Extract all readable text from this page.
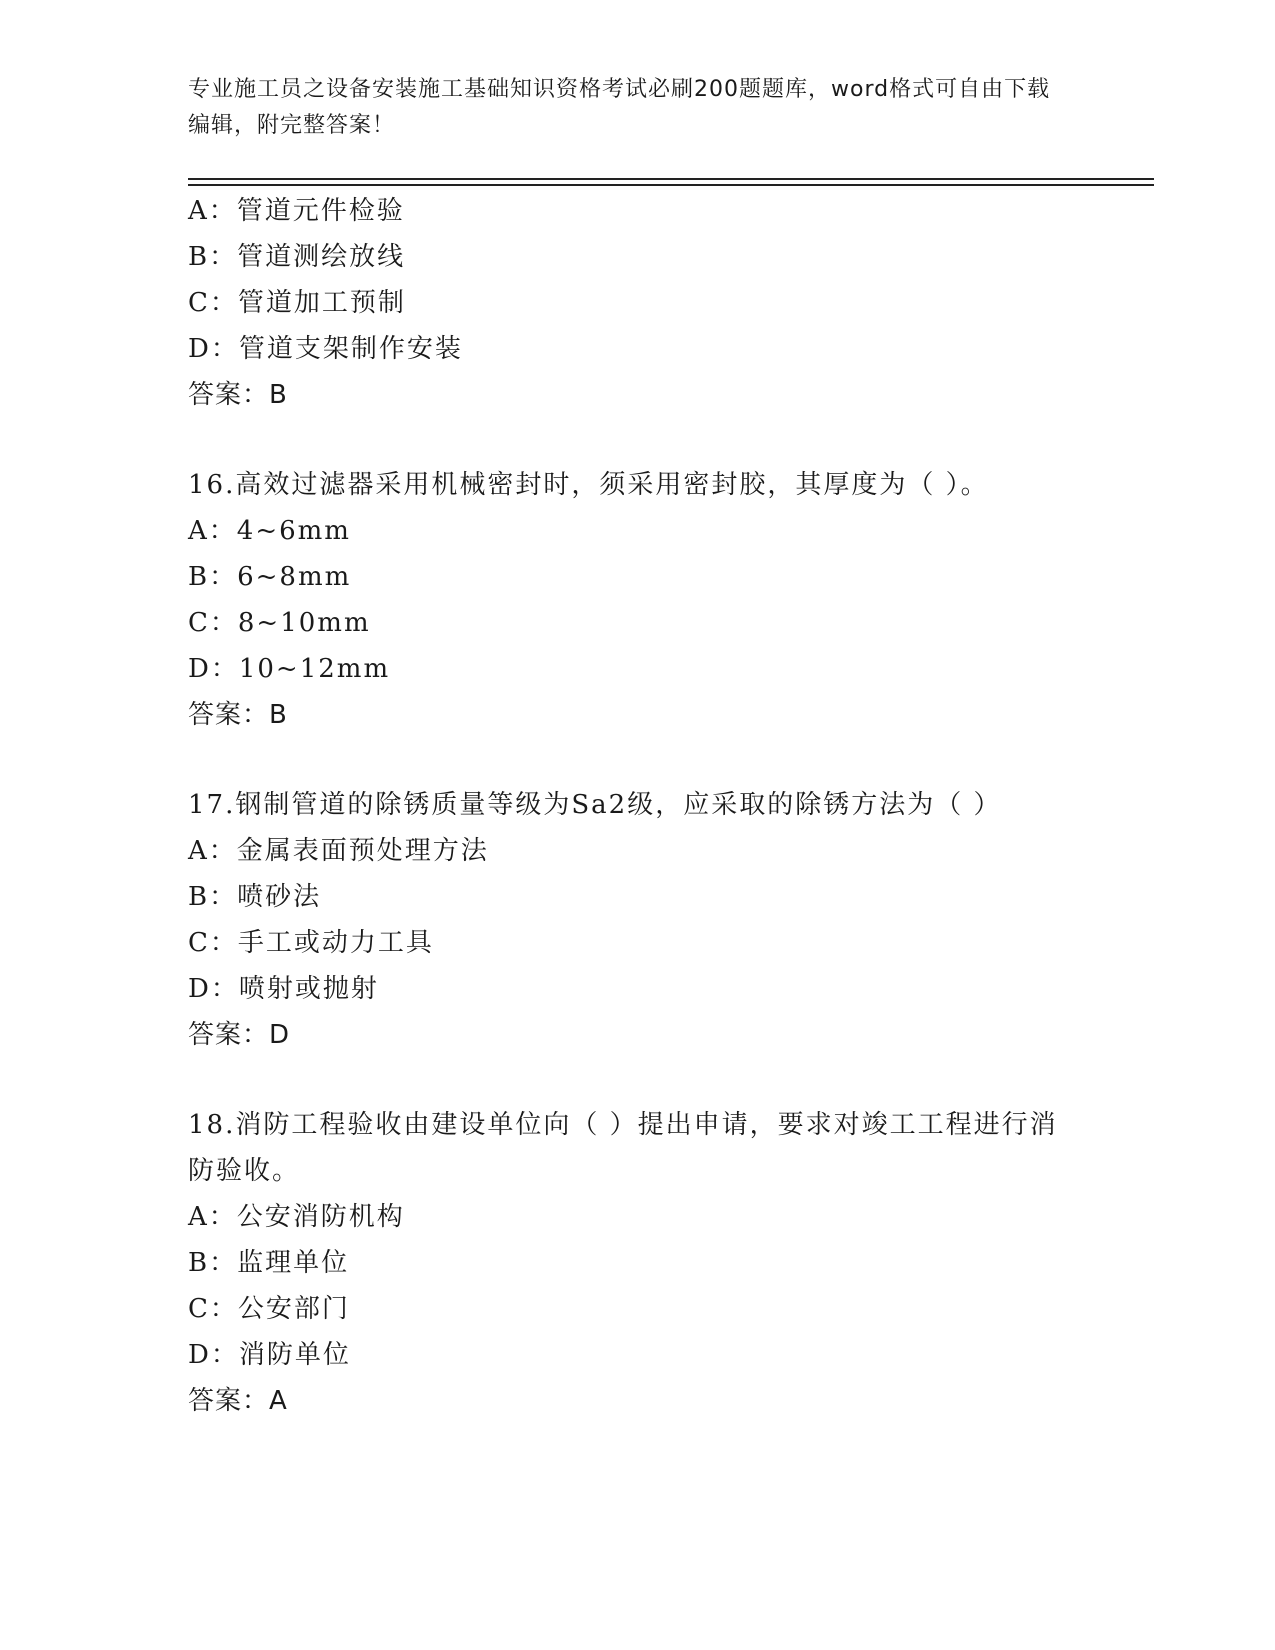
专业施工员之设备安装施工基础知识资格考试必刷200题题库，word格式可自由下载编辑，附完整答案！
A：管道元件检验
B：管道测绘放线
C：管道加工预制
D：管道支架制作安装
答案：B
16.高效过滤器采用机械密封时，须采用密封胶，其厚度为（ ）。
A：4~6mm
B：6~8mm
C：8~10mm
D：10~12mm
答案：B
17.钢制管道的除锈质量等级为Sa2级，应采取的除锈方法为（ ）
A：金属表面预处理方法
B：喷砂法
C：手工或动力工具
D：喷射或抛射
答案：D
18.消防工程验收由建设单位向（ ）提出申请，要求对竣工工程进行消防验收。
A：公安消防机构
B：监理单位
C：公安部门
D：消防单位
答案：A
